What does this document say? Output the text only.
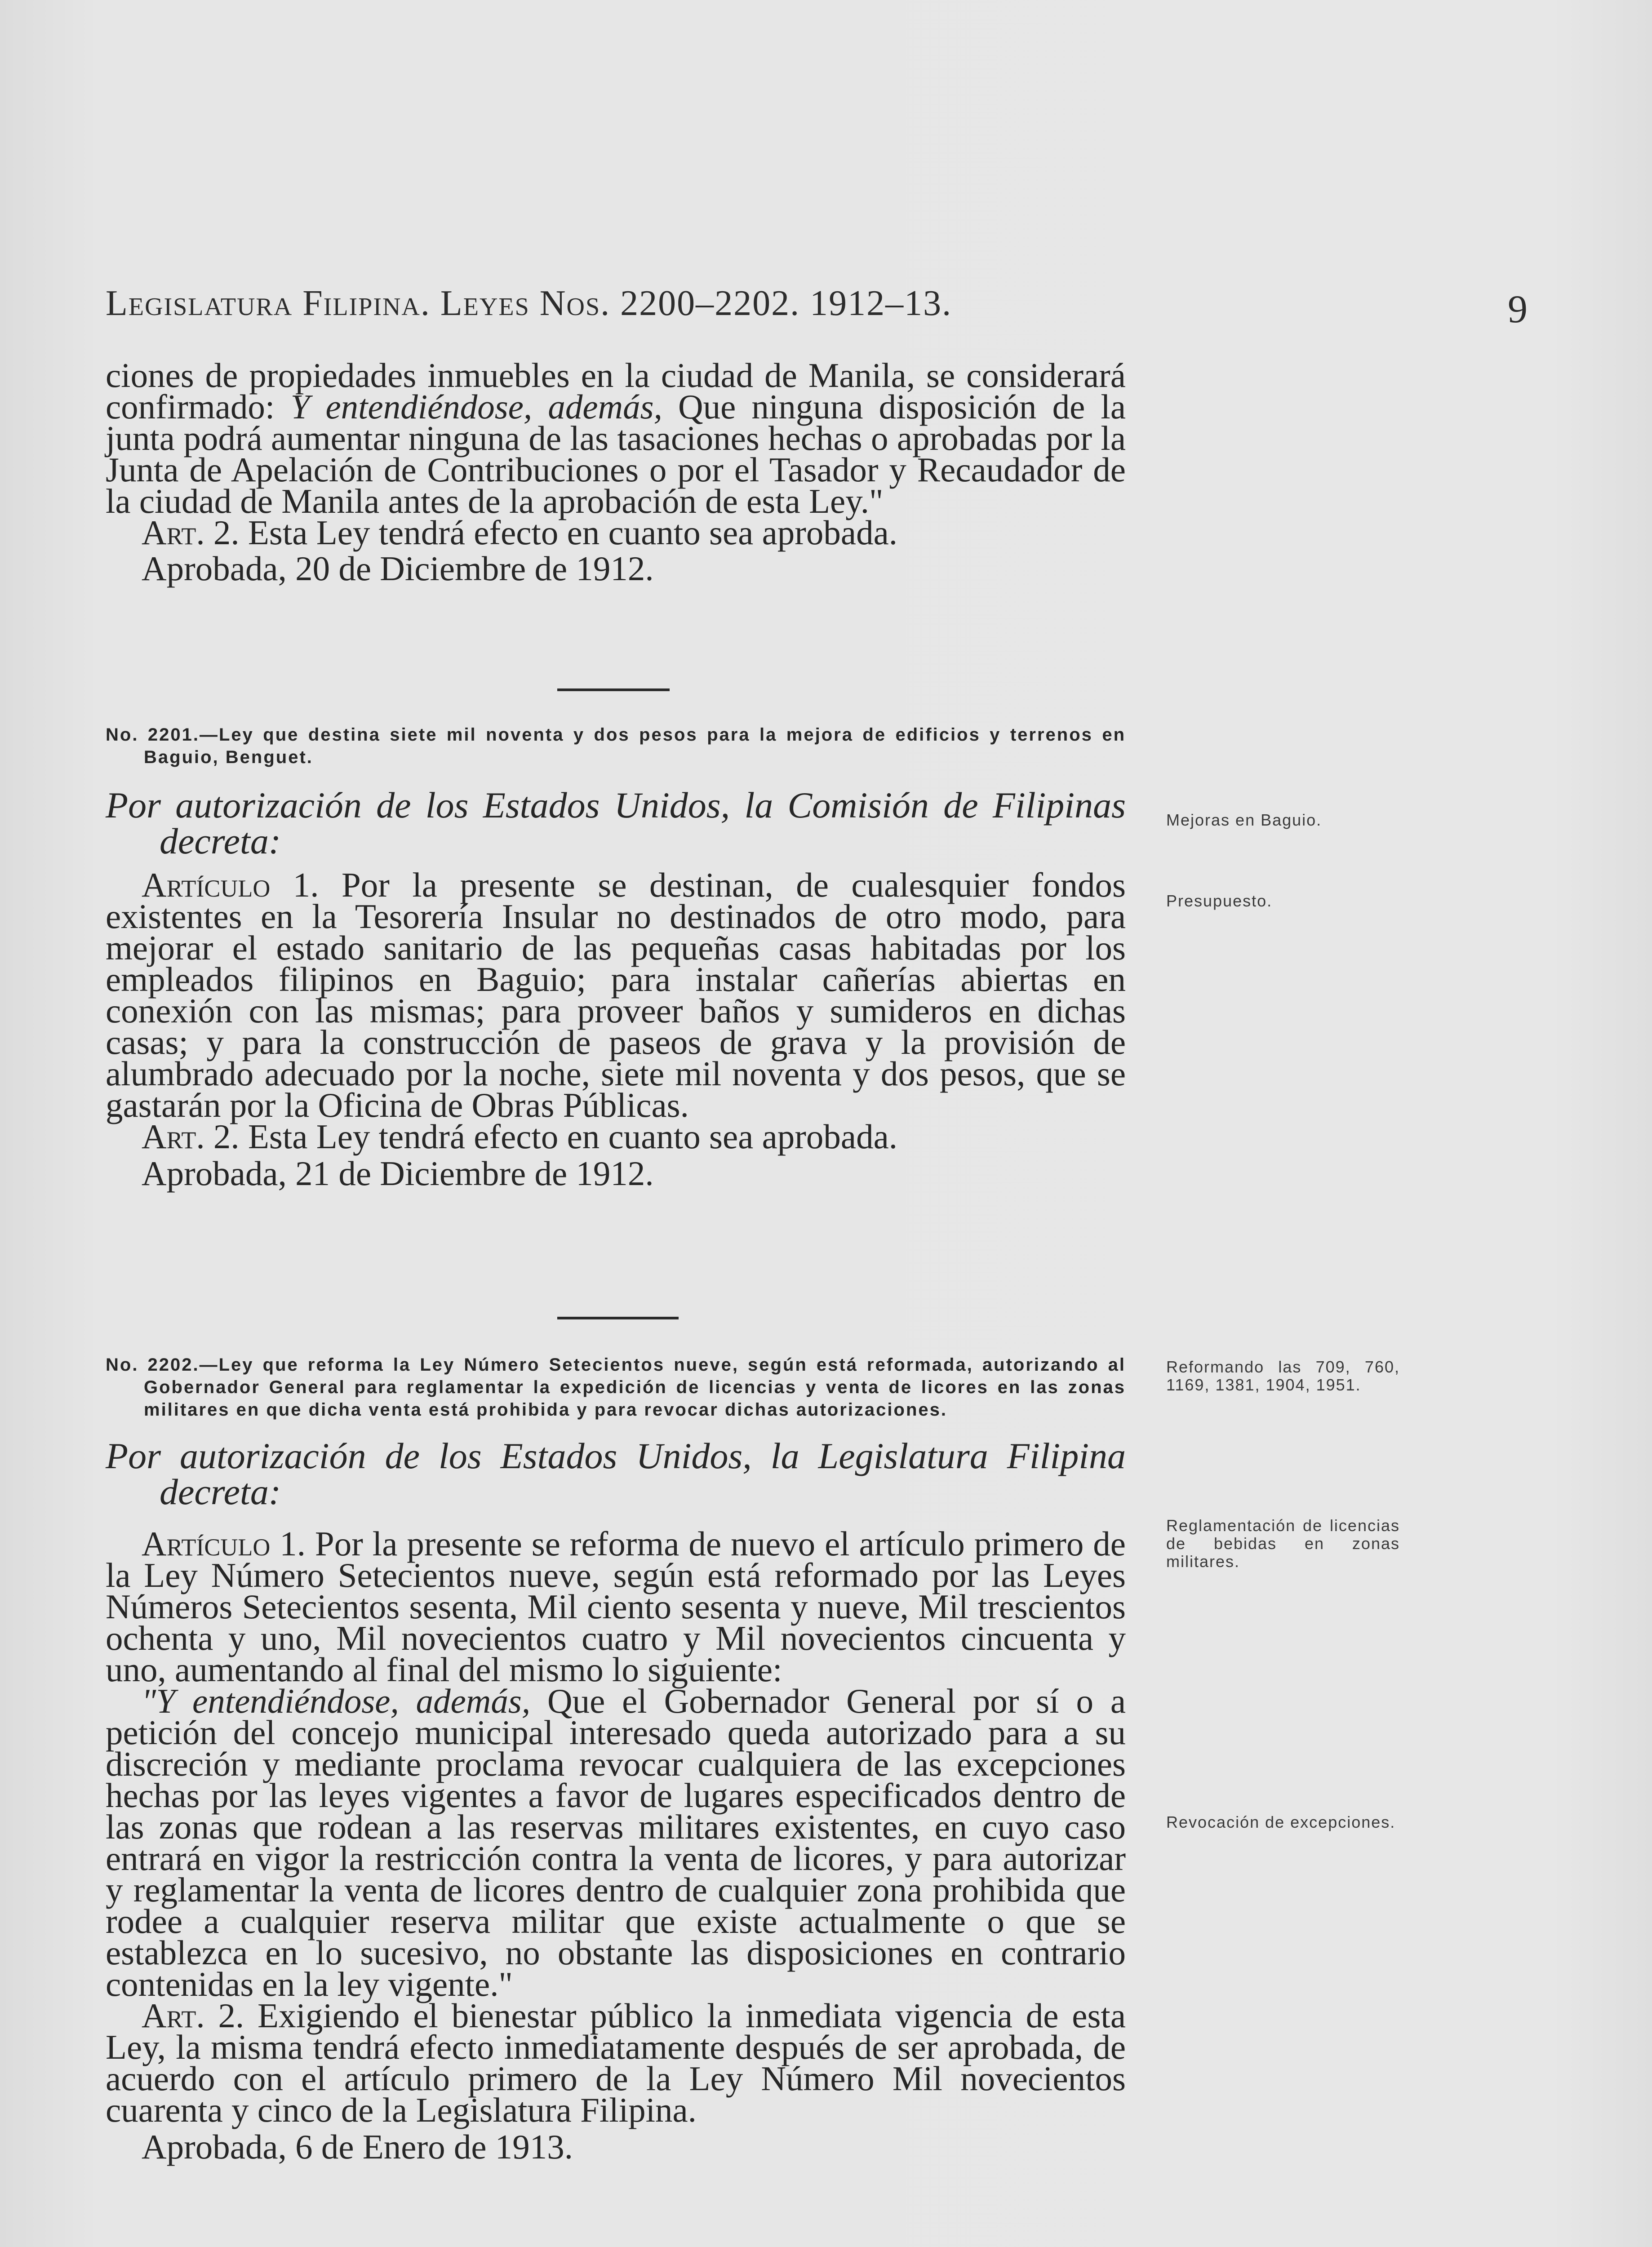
Legislatura Filipina. Leyes Nos. 2200–2202. 1912–13.	9

ciones de propiedades inmuebles en la ciudad de Manila, se considerará confirmado: Y entendiéndose, además, Que ninguna disposición de la junta podrá aumentar ninguna de las tasaciones hechas o aprobadas por la Junta de Apelación de Contribuciones o por el Tasador y Recaudador de la ciudad de Manila antes de la aprobación de esta Ley."

Art. 2. Esta Ley tendrá efecto en cuanto sea aprobada.

Aprobada, 20 de Diciembre de 1912.

No. 2201.—Ley que destina siete mil noventa y dos pesos para la mejora de edificios y terrenos en Baguio, Benguet.

Por autorización de los Estados Unidos, la Comisión de Filipinas decreta:

Artículo 1. Por la presente se destinan, de cualesquier fondos existentes en la Tesorería Insular no destinados de otro modo, para mejorar el estado sanitario de las pequeñas casas habitadas por los empleados filipinos en Baguio; para instalar cañerías abiertas en conexión con las mismas; para proveer baños y sumideros en dichas casas; y para la construcción de paseos de grava y la provisión de alumbrado adecuado por la noche, siete mil noventa y dos pesos, que se gastarán por la Oficina de Obras Públicas.

Art. 2. Esta Ley tendrá efecto en cuanto sea aprobada.

Aprobada, 21 de Diciembre de 1912.

Mejoras en Baguio.
Presupuesto.

No. 2202.—Ley que reforma la Ley Número Setecientos nueve, según está reformada, autorizando al Gobernador General para reglamentar la expedición de licencias y venta de licores en las zonas militares en que dicha venta está prohibida y para revocar dichas autorizaciones.

Por autorización de los Estados Unidos, la Legislatura Filipina decreta:

Artículo 1. Por la presente se reforma de nuevo el artículo primero de la Ley Número Setecientos nueve, según está reformado por las Leyes Números Setecientos sesenta, Mil ciento sesenta y nueve, Mil trescientos ochenta y uno, Mil novecientos cuatro y Mil novecientos cincuenta y uno, aumentando al final del mismo lo siguiente:

"Y entendiéndose, además, Que el Gobernador General por sí o a petición del concejo municipal interesado queda autorizado para a su discreción y mediante proclama revocar cualquiera de las excepciones hechas por las leyes vigentes a favor de lugares especificados dentro de las zonas que rodean a las reservas militares existentes, en cuyo caso entrará en vigor la restricción contra la venta de licores, y para autorizar y reglamentar la venta de licores dentro de cualquier zona prohibida que rodee a cualquier reserva militar que existe actualmente o que se establezca en lo sucesivo, no obstante las disposiciones en contrario contenidas en la ley vigente."

Art. 2. Exigiendo el bienestar público la inmediata vigencia de esta Ley, la misma tendrá efecto inmediatamente después de ser aprobada, de acuerdo con el artículo primero de la Ley Número Mil novecientos cuarenta y cinco de la Legislatura Filipina.

Aprobada, 6 de Enero de 1913.

Reformando las 709, 760, 1169, 1381, 1904, 1951.
Reglamentación de licencias de bebidas en zonas militares.
Revocación de excepciones.
